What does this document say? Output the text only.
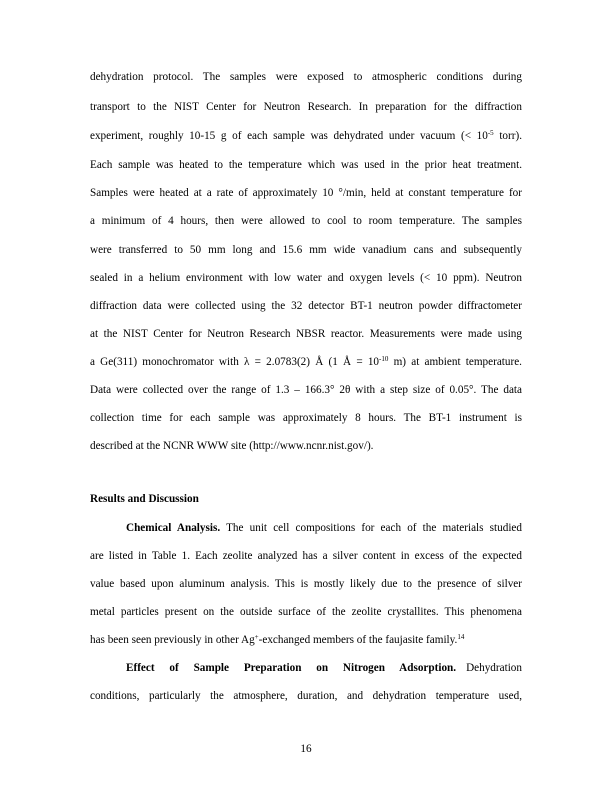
dehydration protocol. The samples were exposed to atmospheric conditions during
transport to the NIST Center for Neutron Research. In preparation for the diffraction
experiment, roughly 10-15 g of each sample was dehydrated under vacuum (< $10^{-5}$ torr).
Each sample was heated to the temperature which was used in the prior heat treatment.
Samples were heated at a rate of approximately 10 °/min, held at constant temperature for
a minimum of 4 hours, then were allowed to cool to room temperature. The samples
were transferred to 50 mm long and 15.6 mm wide vanadium cans and subsequently
sealed in a helium environment with low water and oxygen levels (< 10 ppm). Neutron
diffraction data were collected using the 32 detector BT-1 neutron powder diffractometer
at the NIST Center for Neutron Research NBSR reactor. Measurements were made using
a Ge(311) monochromator with λ = 2.0783(2) Å (1 Å = $10^{-10}$ m) at ambient temperature.
Data were collected over the range of 1.3 – 166.3° 2θ with a step size of 0.05°. The data
collection time for each sample was approximately 8 hours. The BT-1 instrument is
described at the NCNR WWW site (http://www.ncnr.nist.gov/).
Results and Discussion
Chemical Analysis. The unit cell compositions for each of the materials studied
are listed in Table 1. Each zeolite analyzed has a silver content in excess of the expected
value based upon aluminum analysis. This is mostly likely due to the presence of silver
metal particles present on the outside surface of the zeolite crystallites. This phenomena
has been seen previously in other Ag+-exchanged members of the faujasite family.$^{14}$
Effect of Sample Preparation on Nitrogen Adsorption. Dehydration
conditions, particularly the atmosphere, duration, and dehydration temperature used,
16
